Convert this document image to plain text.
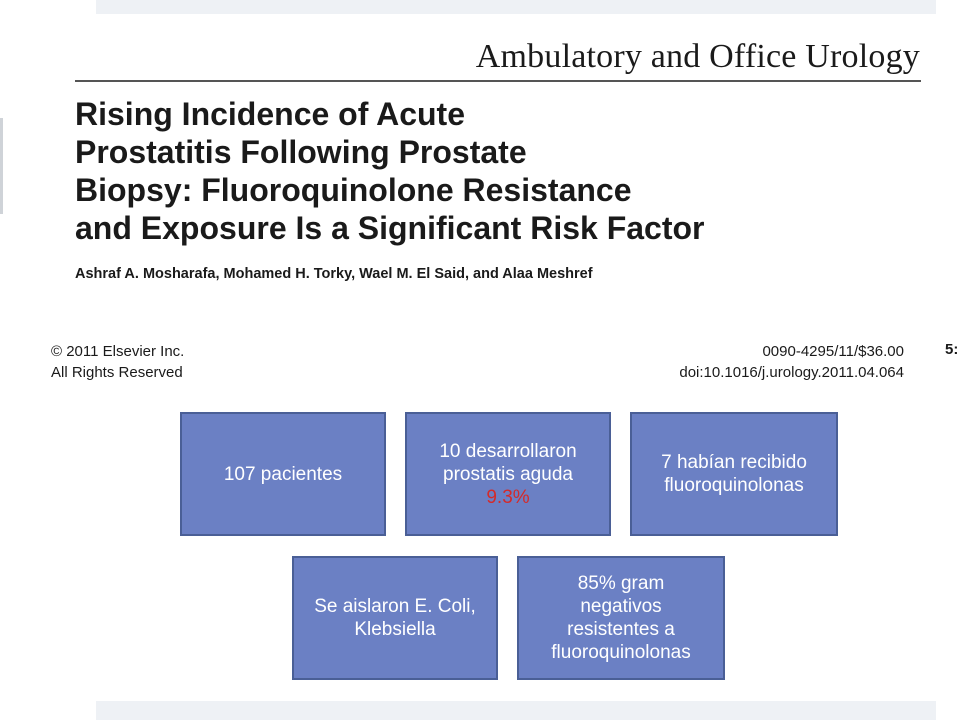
Ambulatory and Office Urology
Rising Incidence of Acute
Prostatitis Following Prostate
Biopsy: Fluoroquinolone Resistance
and Exposure Is a Significant Risk Factor
Ashraf A. Mosharafa, Mohamed H. Torky, Wael M. El Said, and Alaa Meshref
© 2011 Elsevier Inc.
All Rights Reserved
0090-4295/11/$36.00
doi:10.1016/j.urology.2011.04.064
5:
107 pacientes
10 desarrollaron
prostatis aguda
9.3%
7 habían recibido
fluoroquinolonas
Se aislaron E. Coli,
Klebsiella
85% gram
negativos
resistentes a
fluoroquinolonas
